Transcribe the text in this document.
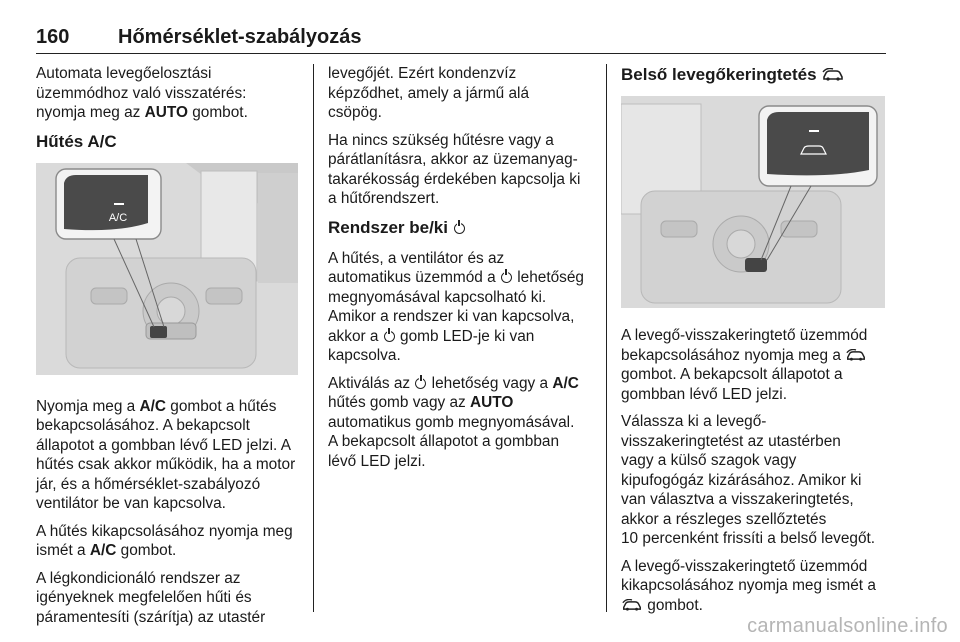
160 Hőmérséklet-szabályozás

Automata levegőelosztási
üzemmódhoz való visszatérés:
nyomja meg az AUTO gombot.

Hűtés A/C
A/C

Nyomja meg a A/C gombot a hűtés
bekapcsolásához. A bekapcsolt
állapotot a gombban lévő LED jelzi. A
hűtés csak akkor működik, ha a motor
jár, és a hőmérséklet-szabályozó
ventilátor be van kapcsolva.

A hűtés kikapcsolásához nyomja meg
ismét a A/C gombot.

A légkondicionáló rendszer az
igényeknek megfelelően hűti és
páramentesíti (szárítja) az utastér

levegőjét. Ezért kondenzvíz
képződhet, amely a jármű alá
csöpög.

Ha nincs szükség hűtésre vagy a
párátlanításra, akkor az üzemanyag-
takarékosság érdekében kapcsolja ki
a hűtőrendszert.

Rendszer be/ki

A hűtés, a ventilátor és az
automatikus üzemmód a  lehetőség
megnyomásával kapcsolható ki.
Amikor a rendszer ki van kapcsolva,
akkor a  gomb LED-je ki van
kapcsolva.

Aktiválás az  lehetőség vagy a A/C
hűtés gomb vagy az AUTO
automatikus gomb megnyomásával.
A bekapcsolt állapotot a gombban
lévő LED jelzi.

Belső levegőkeringtetés

A levegő-visszakeringtető üzemmód
bekapcsolásához nyomja meg a
gombot. A bekapcsolt állapotot a
gombban lévő LED jelzi.

Válassza ki a levegő-
visszakeringtetést az utastérben
vagy a külső szagok vagy
kipufogógáz kizárásához. Amikor ki
van választva a visszakeringtetés,
akkor a részleges szellőztetés
10 percenként frissíti a belső levegőt.

A levegő-visszakeringtető üzemmód
kikapcsolásához nyomja meg ismét a
gombot.

carmanualsonline.info
